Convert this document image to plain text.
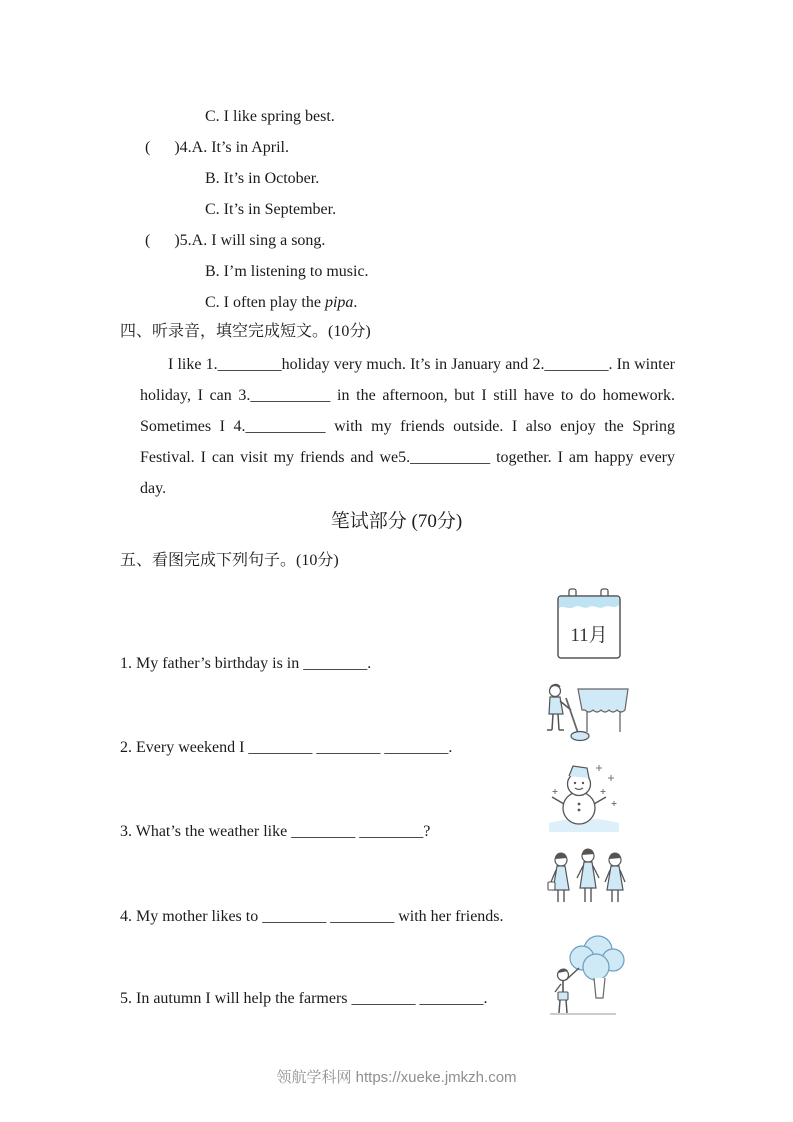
C. I like spring best.
(      )4.A. It’s in April.
B. It’s in October.
C. It’s in September.
(      )5.A. I will sing a song.
B. I’m listening to music.
C. I often play the pipa.
四、听录音，填空完成短文。(10分)
I like 1.________holiday very much. It’s in January and 2.________. In winter holiday, I can 3.__________ in the afternoon, but I still have to do homework. Sometimes I 4.__________ with my friends outside. I also enjoy the Spring Festival. I can visit my friends and we5.__________ together. I am happy every day.
笔试部分 (70分)
五、看图完成下列句子。(10分)
1. My father’s birthday is in ________.
2. Every weekend I ________ ________ ________.
3. What’s the weather like ________ ________?
4. My mother likes to ________ ________ with her friends.
5. In autumn I will help the farmers ________ ________.
11月
领航学科网 https://xueke.jmkzh.com
